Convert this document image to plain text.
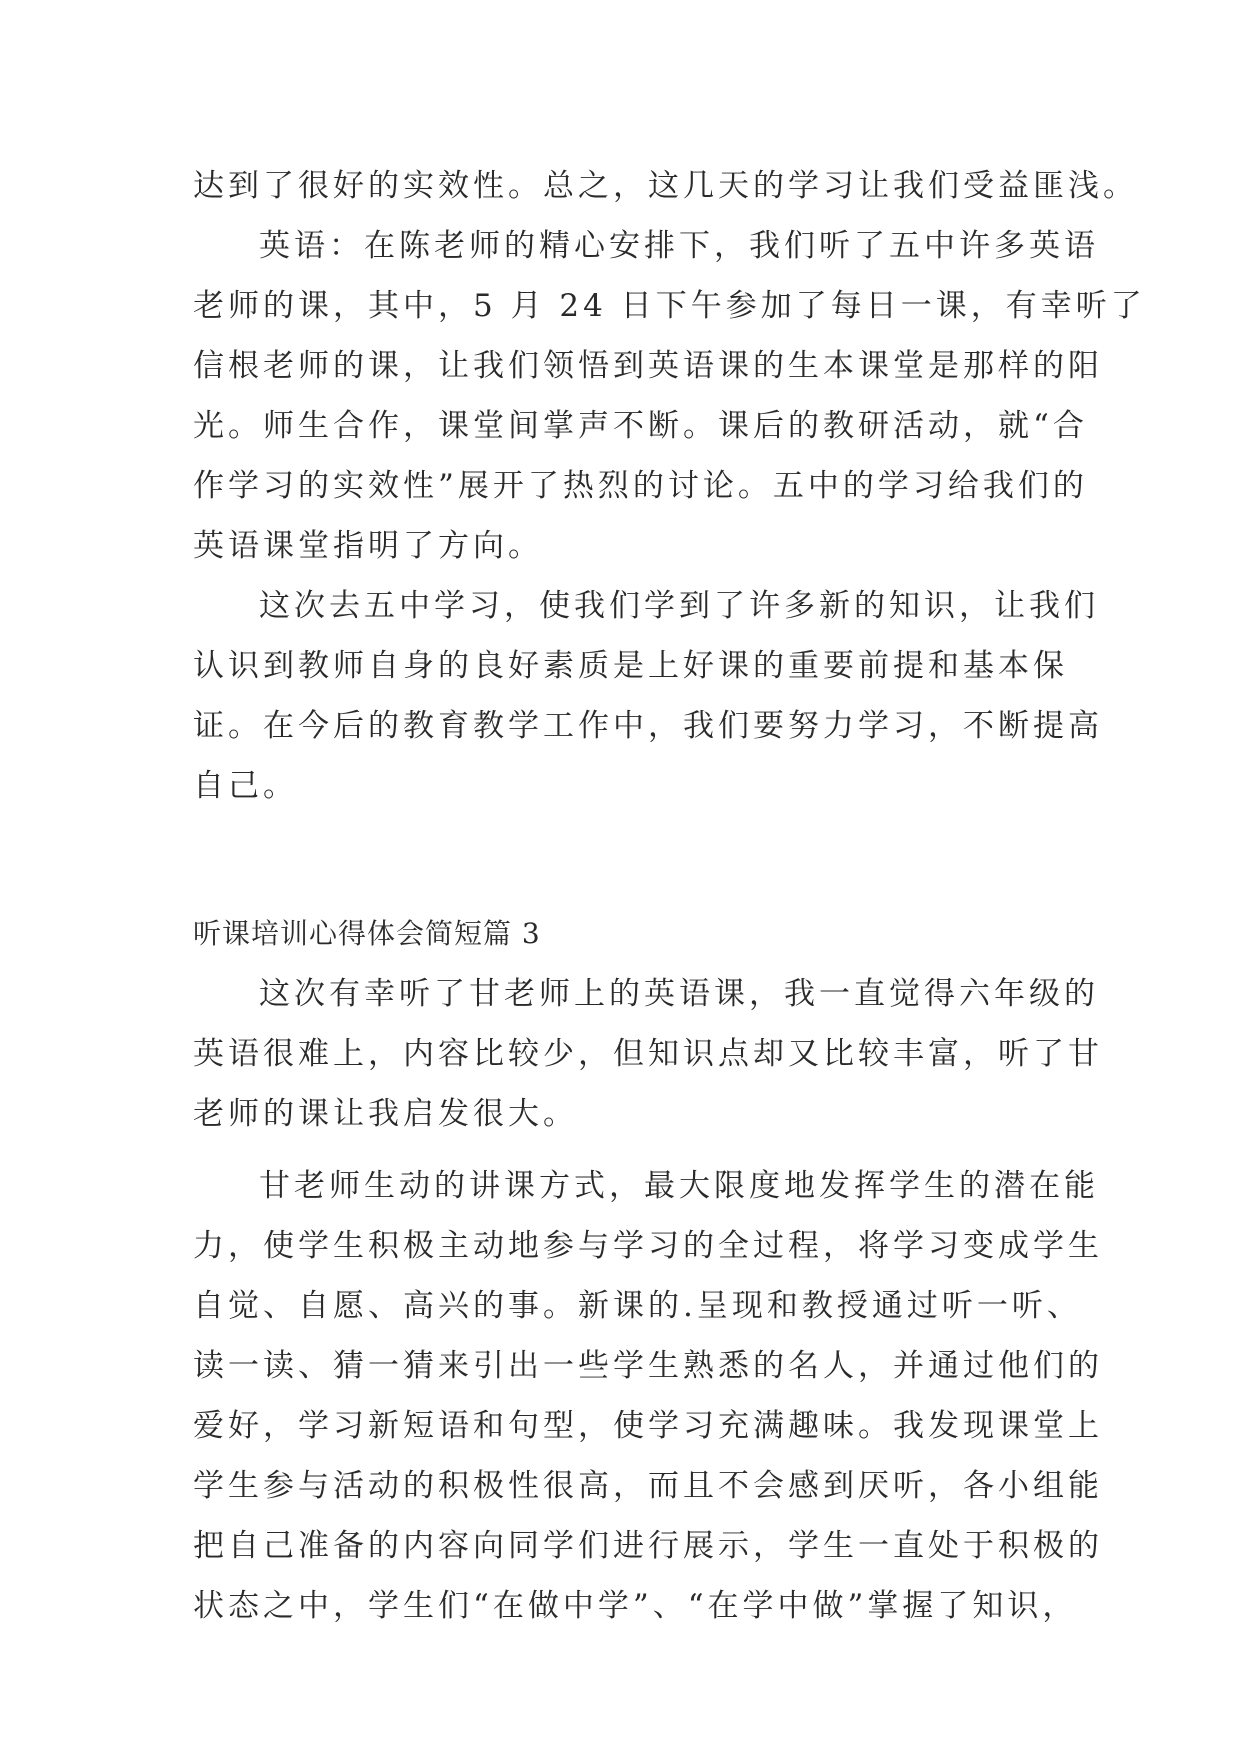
达到了很好的实效性。总之，这几天的学习让我们受益匪浅。
英语：在陈老师的精心安排下，我们听了五中许多英语
老师的课，其中，5 月 24 日下午参加了每日一课，有幸听了
信根老师的课，让我们领悟到英语课的生本课堂是那样的阳
光。师生合作，课堂间掌声不断。课后的教研活动，就“合
作学习的实效性”展开了热烈的讨论。五中的学习给我们的
英语课堂指明了方向。
这次去五中学习，使我们学到了许多新的知识，让我们
认识到教师自身的良好素质是上好课的重要前提和基本保
证。在今后的教育教学工作中，我们要努力学习，不断提高
自己。
听课培训心得体会简短篇 3
这次有幸听了甘老师上的英语课，我一直觉得六年级的
英语很难上，内容比较少，但知识点却又比较丰富，听了甘
老师的课让我启发很大。
甘老师生动的讲课方式，最大限度地发挥学生的潜在能
力，使学生积极主动地参与学习的全过程，将学习变成学生
自觉、自愿、高兴的事。新课的.呈现和教授通过听一听、
读一读、猜一猜来引出一些学生熟悉的名人，并通过他们的
爱好，学习新短语和句型，使学习充满趣味。我发现课堂上
学生参与活动的积极性很高，而且不会感到厌听，各小组能
把自己准备的内容向同学们进行展示，学生一直处于积极的
状态之中，学生们“在做中学”、“在学中做”掌握了知识，
